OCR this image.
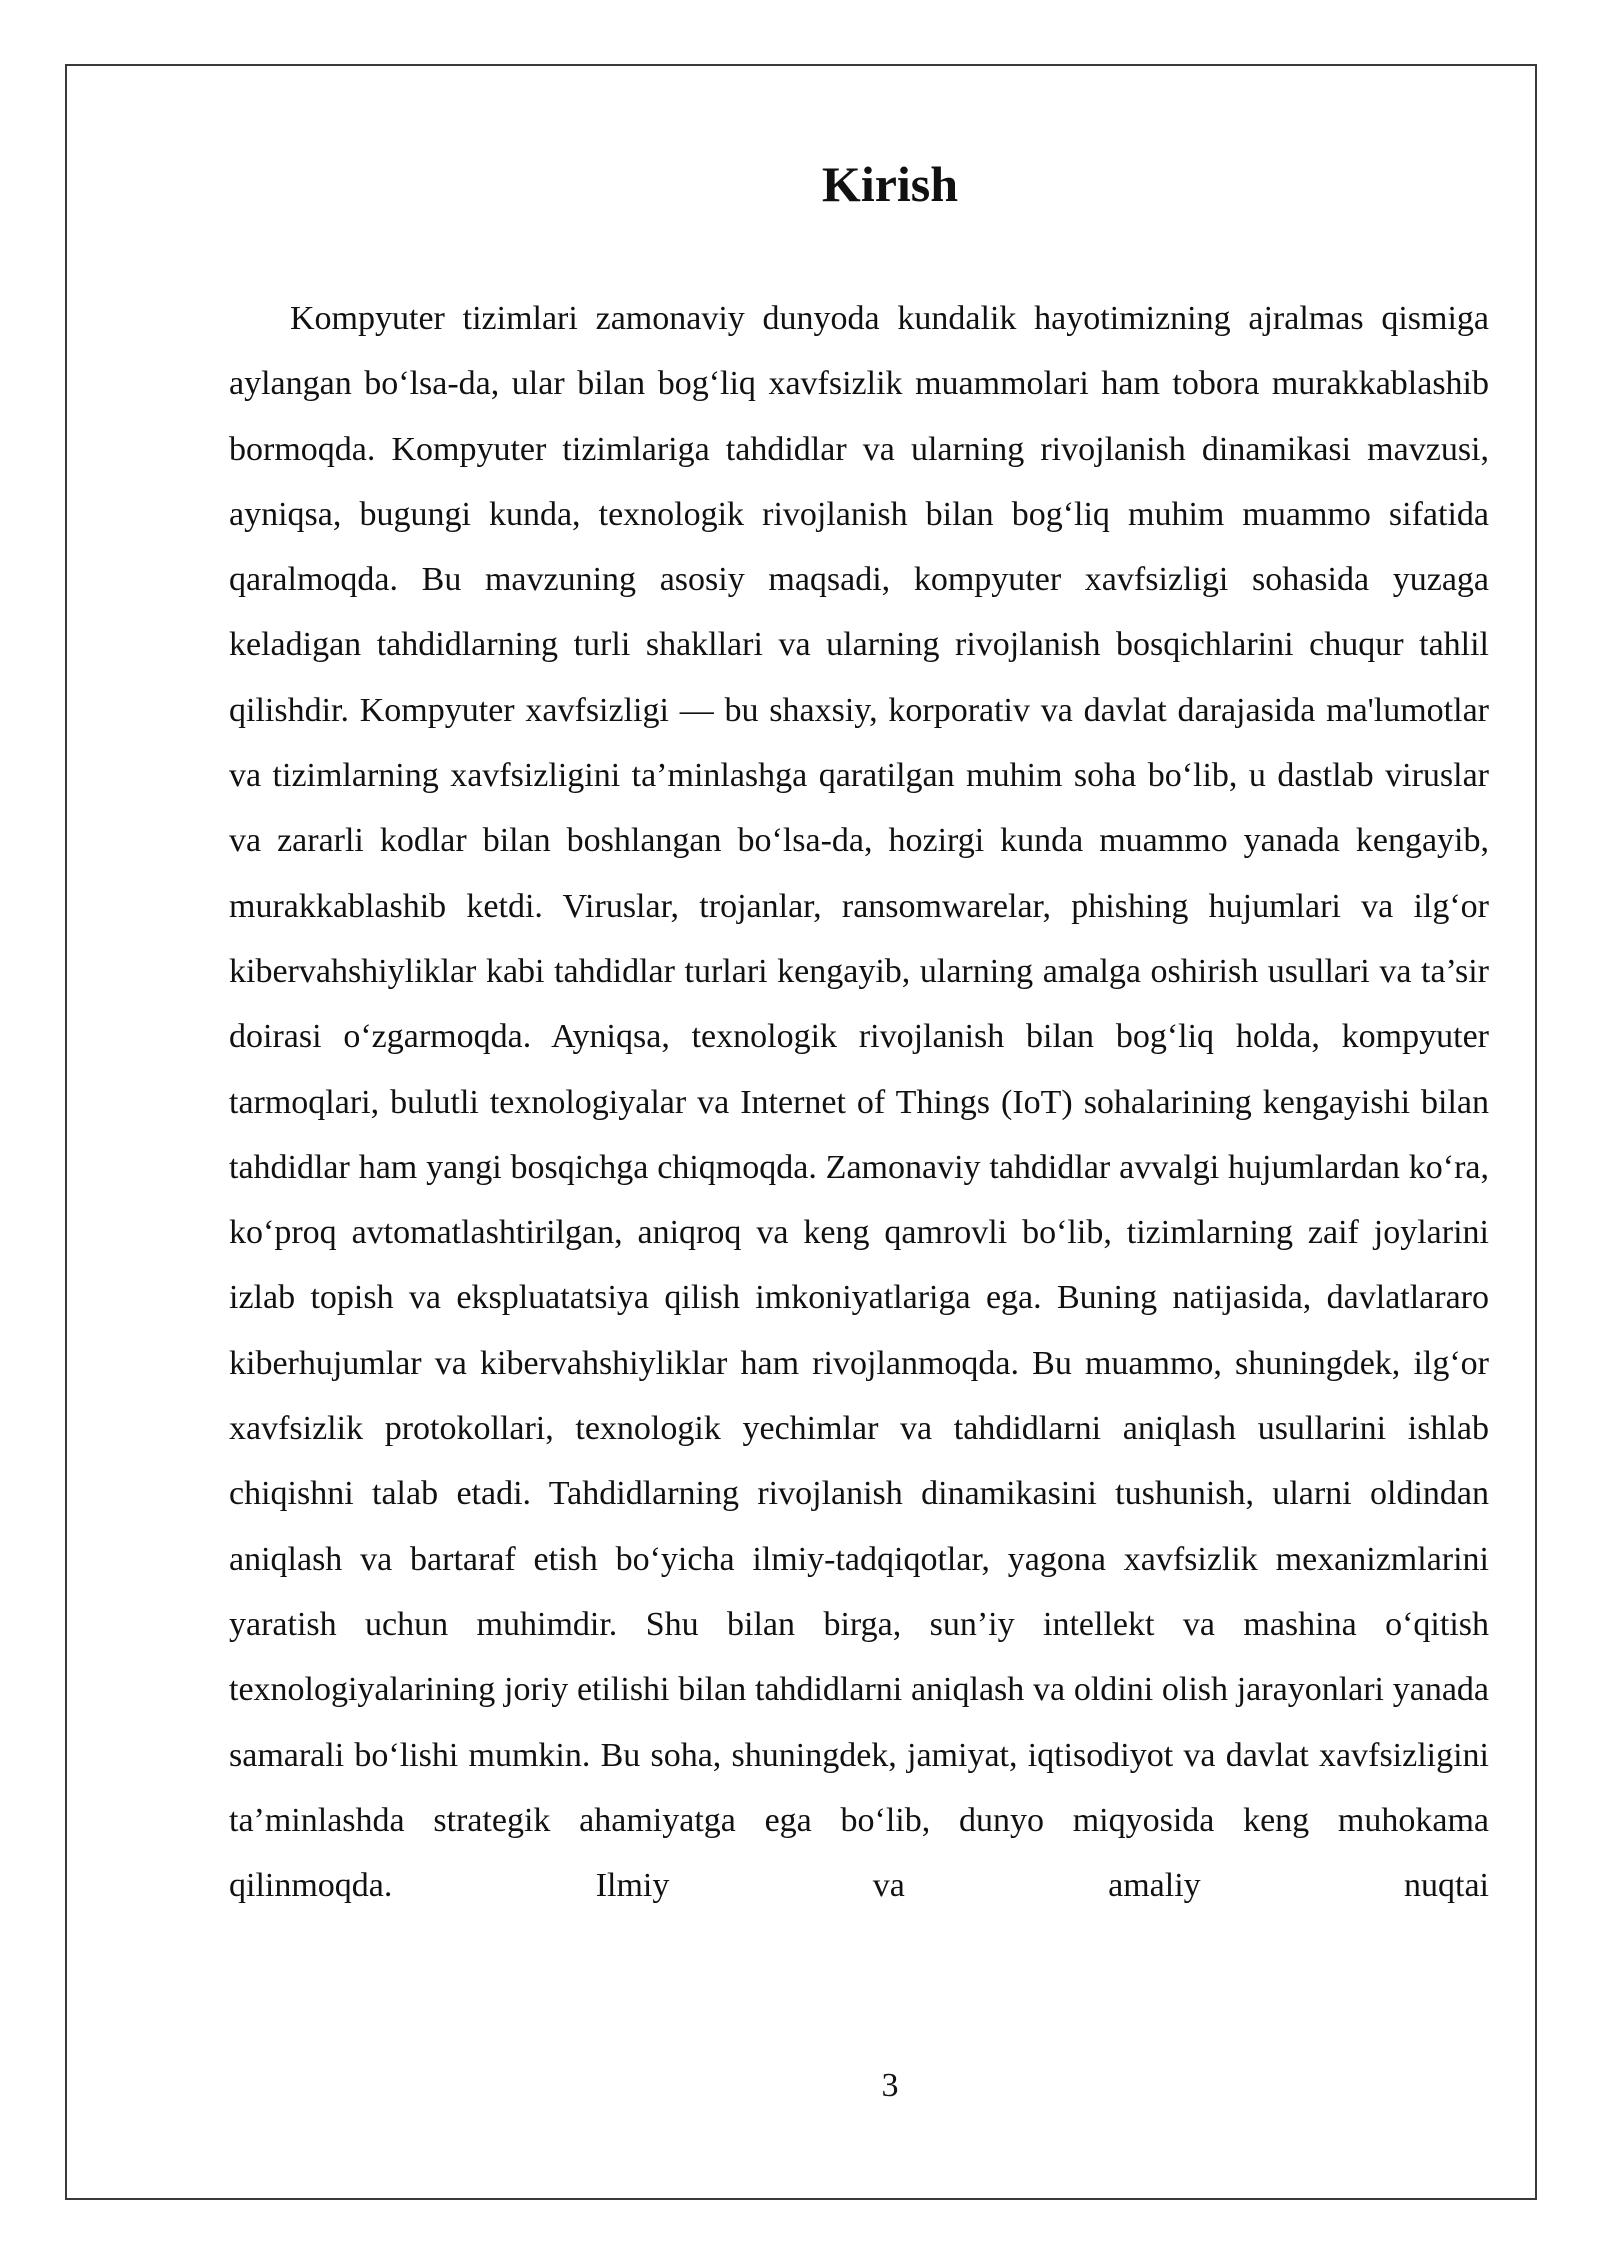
Kirish

Kompyuter tizimlari zamonaviy dunyoda kundalik hayotimizning ajralmas qismiga aylangan bo‘lsa-da, ular bilan bog‘liq xavfsizlik muammolari ham tobora murakkablashib bormoqda. Kompyuter tizimlariga tahdidlar va ularning rivojlanish dinamikasi mavzusi, ayniqsa, bugungi kunda, texnologik rivojlanish bilan bog‘liq muhim muammo sifatida qaralmoqda. Bu mavzuning asosiy maqsadi, kompyuter xavfsizligi sohasida yuzaga keladigan tahdidlarning turli shakllari va ularning rivojlanish bosqichlarini chuqur tahlil qilishdir. Kompyuter xavfsizligi — bu shaxsiy, korporativ va davlat darajasida ma'lumotlar va tizimlarning xavfsizligini ta’minlashga qaratilgan muhim soha bo‘lib, u dastlab viruslar va zararli kodlar bilan boshlangan bo‘lsa-da, hozirgi kunda muammo yanada kengayib, murakkablashib ketdi. Viruslar, trojanlar, ransomwarelar, phishing hujumlari va ilg‘or kibervahshiyliklar kabi tahdidlar turlari kengayib, ularning amalga oshirish usullari va ta’sir doirasi o‘zgarmoqda. Ayniqsa, texnologik rivojlanish bilan bog‘liq holda, kompyuter tarmoqlari, bulutli texnologiyalar va Internet of Things (IoT) sohalarining kengayishi bilan tahdidlar ham yangi bosqichga chiqmoqda. Zamonaviy tahdidlar avvalgi hujumlardan ko‘ra, ko‘proq avtomatlashtirilgan, aniqroq va keng qamrovli bo‘lib, tizimlarning zaif joylarini izlab topish va ekspluatatsiya qilish imkoniyatlariga ega. Buning natijasida, davlatlararo kiberhujumlar va kibervahshiyliklar ham rivojlanmoqda. Bu muammo, shuningdek, ilg‘or xavfsizlik protokollari, texnologik yechimlar va tahdidlarni aniqlash usullarini ishlab chiqishni talab etadi. Tahdidlarning rivojlanish dinamikasini tushunish, ularni oldindan aniqlash va bartaraf etish bo‘yicha ilmiy-tadqiqotlar, yagona xavfsizlik mexanizmlarini yaratish uchun muhimdir. Shu bilan birga, sun’iy intellekt va mashina o‘qitish texnologiyalarining joriy etilishi bilan tahdidlarni aniqlash va oldini olish jarayonlari yanada samarali bo‘lishi mumkin. Bu soha, shuningdek, jamiyat, iqtisodiyot va davlat xavfsizligini ta’minlashda strategik ahamiyatga ega bo‘lib, dunyo miqyosida keng muhokama qilinmoqda. Ilmiy va amaliy nuqtai

3
